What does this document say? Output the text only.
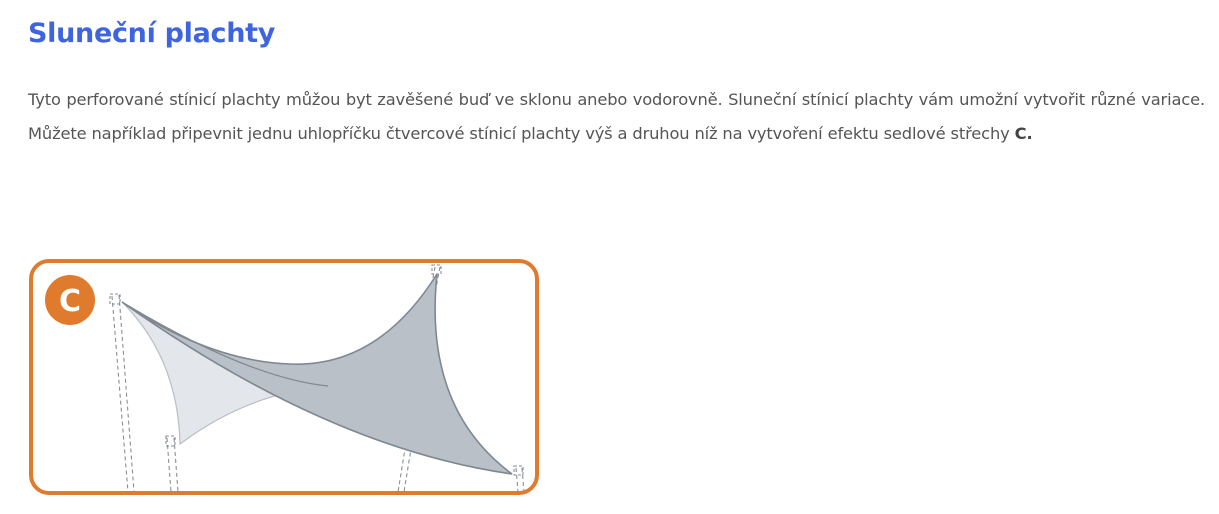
Sluneční plachty

Tyto perforované stínicí plachty můžou byt zavěšené buď ve sklonu anebo vodorovně. Sluneční stínicí plachty vám umožní vytvořit různé variace. Můžete například připevnit jednu uhlopříčku čtvercové stínicí plachty výš a druhou níž na vytvoření efektu sedlové střechy C.

C
